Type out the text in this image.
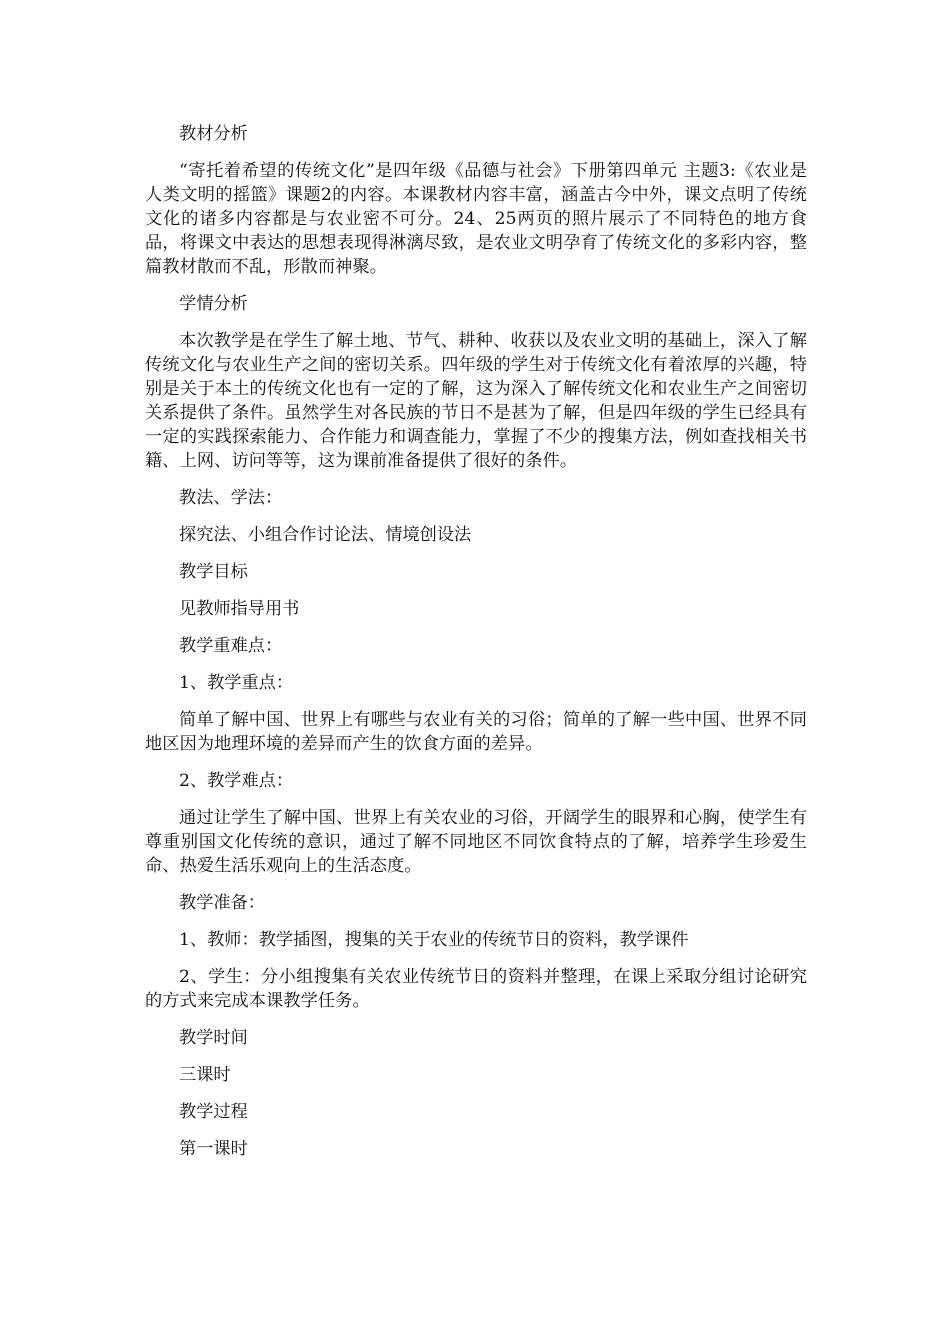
教材分析

“寄托着希望的传统文化”是四年级《品德与社会》下册第四单元 主题3:《农业是人类文明的摇篮》课题2的内容。本课教材内容丰富，涵盖古今中外，课文点明了传统文化的诸多内容都是与农业密不可分。24、25两页的照片展示了不同特色的地方食品，将课文中表达的思想表现得淋漓尽致，是农业文明孕育了传统文化的多彩内容，整篇教材散而不乱，形散而神聚。

学情分析

本次教学是在学生了解土地、节气、耕种、收获以及农业文明的基础上，深入了解传统文化与农业生产之间的密切关系。四年级的学生对于传统文化有着浓厚的兴趣，特别是关于本土的传统文化也有一定的了解，这为深入了解传统文化和农业生产之间密切关系提供了条件。虽然学生对各民族的节日不是甚为了解，但是四年级的学生已经具有一定的实践探索能力、合作能力和调查能力，掌握了不少的搜集方法，例如查找相关书籍、上网、访问等等，这为课前准备提供了很好的条件。

教法、学法：

探究法、小组合作讨论法、情境创设法

教学目标

见教师指导用书

教学重难点：

1、教学重点：

简单了解中国、世界上有哪些与农业有关的习俗；简单的了解一些中国、世界不同地区因为地理环境的差异而产生的饮食方面的差异。

2、教学难点：

通过让学生了解中国、世界上有关农业的习俗，开阔学生的眼界和心胸，使学生有尊重别国文化传统的意识，通过了解不同地区不同饮食特点的了解，培养学生珍爱生命、热爱生活乐观向上的生活态度。

教学准备：

1、教师：教学插图，搜集的关于农业的传统节日的资料，教学课件

2、学生：分小组搜集有关农业传统节日的资料并整理，在课上采取分组讨论研究的方式来完成本课教学任务。

教学时间

三课时

教学过程

第一课时
